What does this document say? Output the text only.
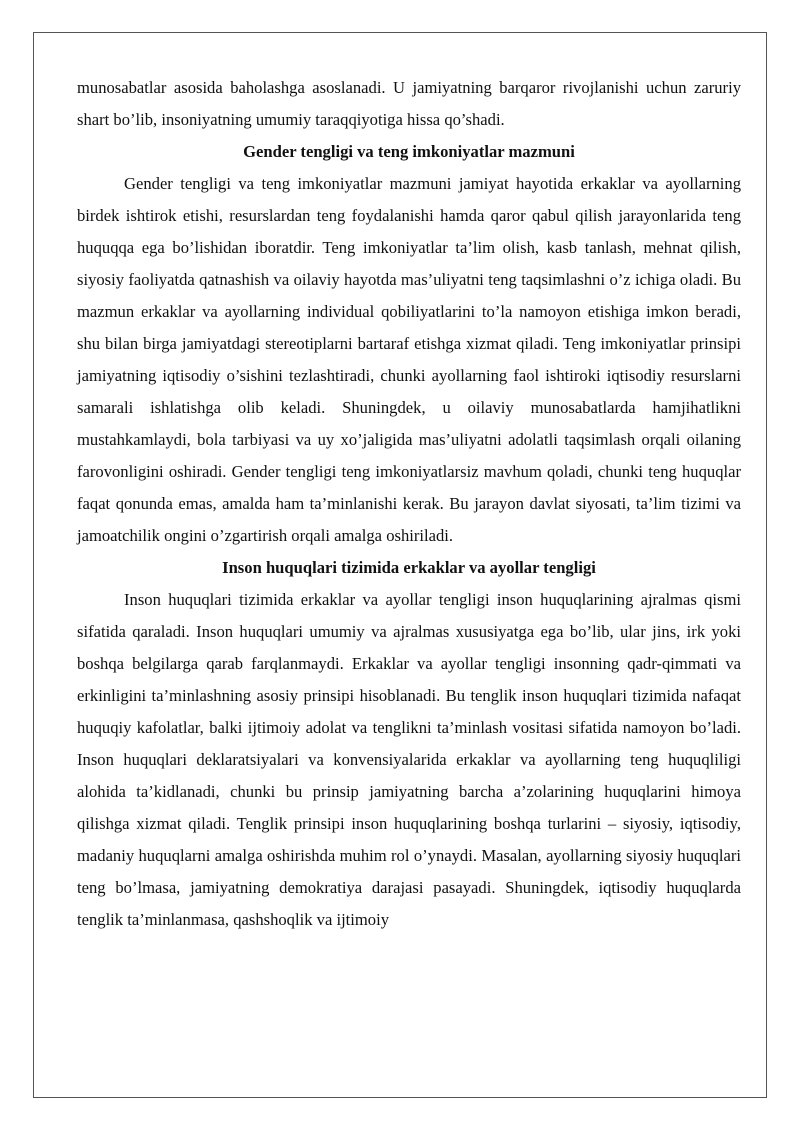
munosabatlar asosida baholashga asoslanadi. U jamiyatning barqaror rivojlanishi uchun zaruriy shart bo’lib, insoniyatning umumiy taraqqiyotiga hissa qo’shadi.

Gender tengligi va teng imkoniyatlar mazmuni

Gender tengligi va teng imkoniyatlar mazmuni jamiyat hayotida erkaklar va ayollarning birdek ishtirok etishi, resurslardan teng foydalanishi hamda qaror qabul qilish jarayonlarida teng huquqqa ega bo’lishidan iboratdir. Teng imkoniyatlar ta’lim olish, kasb tanlash, mehnat qilish, siyosiy faoliyatda qatnashish va oilaviy hayotda mas’uliyatni teng taqsimlashni o’z ichiga oladi. Bu mazmun erkaklar va ayollarning individual qobiliyatlarini to’la namoyon etishiga imkon beradi, shu bilan birga jamiyatdagi stereotiplarni bartaraf etishga xizmat qiladi. Teng imkoniyatlar prinsipi jamiyatning iqtisodiy o’sishini tezlashtiradi, chunki ayollarning faol ishtiroki iqtisodiy resurslarni samarali ishlatishga olib keladi. Shuningdek, u oilaviy munosabatlarda hamjihatlikni mustahkamlaydi, bola tarbiyasi va uy xo’jaligida mas’uliyatni adolatli taqsimlash orqali oilaning farovonligini oshiradi. Gender tengligi teng imkoniyatlarsiz mavhum qoladi, chunki teng huquqlar faqat qonunda emas, amalda ham ta’minlanishi kerak. Bu jarayon davlat siyosati, ta’lim tizimi va jamoatchilik ongini o’zgartirish orqali amalga oshiriladi.

Inson huquqlari tizimida erkaklar va ayollar tengligi

Inson huquqlari tizimida erkaklar va ayollar tengligi inson huquqlarining ajralmas qismi sifatida qaraladi. Inson huquqlari umumiy va ajralmas xususiyatga ega bo’lib, ular jins, irk yoki boshqa belgilarga qarab farqlanmaydi. Erkaklar va ayollar tengligi insonning qadr-qimmati va erkinligini ta’minlashning asosiy prinsipi hisoblanadi. Bu tenglik inson huquqlari tizimida nafaqat huquqiy kafolatlar, balki ijtimoiy adolat va tenglikni ta’minlash vositasi sifatida namoyon bo’ladi. Inson huquqlari deklaratsiyalari va konvensiyalarida erkaklar va ayollarning teng huquqliligi alohida ta’kidlanadi, chunki bu prinsip jamiyatning barcha a’zolarining huquqlarini himoya qilishga xizmat qiladi. Tenglik prinsipi inson huquqlarining boshqa turlarini – siyosiy, iqtisodiy, madaniy huquqlarni amalga oshirishda muhim rol o’ynaydi. Masalan, ayollarning siyosiy huquqlari teng bo’lmasa, jamiyatning demokratiya darajasi pasayadi. Shuningdek, iqtisodiy huquqlarda tenglik ta’minlanmasa, qashshoqlik va ijtimoiy
